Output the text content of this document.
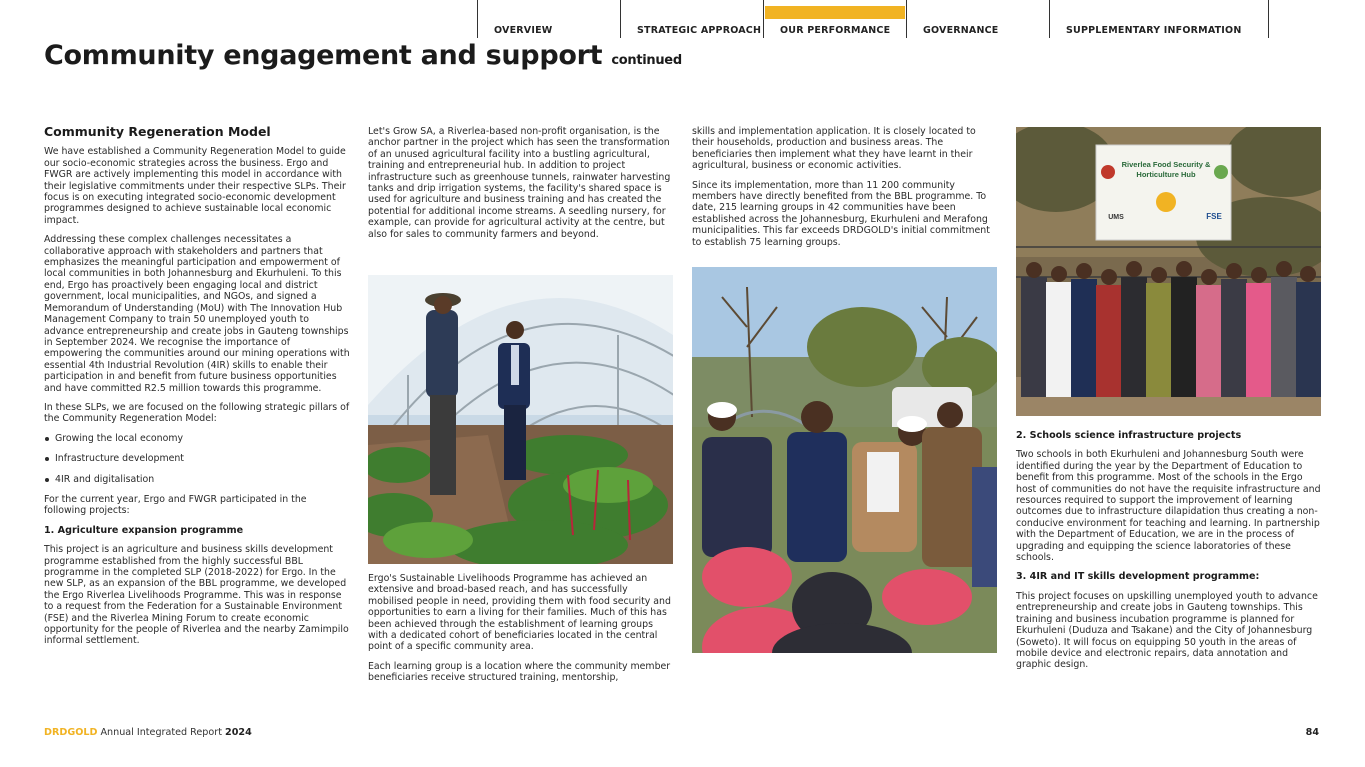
OVERVIEW	STRATEGIC APPROACH OUR PERFORMANCE	GOVERNANCE	SUPPLEMENTARY INFORMATION
Community engagement and support continued
Community Regeneration Model

We have established a Community Regeneration Model to guide our socio-economic strategies across the business. Ergo and FWGR are actively implementing this model in accordance with their legislative commitments under their respective SLPs. Their focus is on executing integrated socio-economic development programmes designed to achieve sustainable local economic impact.

Addressing these complex challenges necessitates a collaborative approach with stakeholders and partners that emphasizes the meaningful participation and empowerment of local communities in both Johannesburg and Ekurhuleni. To this end, Ergo has proactively been engaging local and district government, local municipalities, and NGOs, and signed a Memorandum of Understanding (MoU) with The Innovation Hub Management Company to train 50 unemployed youth to advance entrepreneurship and create jobs in Gauteng townships in September 2024. We recognise the importance of empowering the communities around our mining operations with essential 4th Industrial Revolution (4IR) skills to enable their participation in and benefit from future business opportunities and have committed R2.5 million towards this programme.

In these SLPs, we are focused on the following strategic pillars of the Community Regeneration Model:

Growing the local economy
Infrastructure development
4IR and digitalisation

For the current year, Ergo and FWGR participated in the following projects:

1. Agriculture expansion programme

This project is an agriculture and business skills development programme established from the highly successful BBL programme in the completed SLP (2018-2022) for Ergo. In the new SLP, as an expansion of the BBL programme, we developed the Ergo Riverlea Livelihoods Programme. This was in response to a request from the Federation for a Sustainable Environment (FSE) and the Riverlea Mining Forum to create economic opportunity for the people of Riverlea and the nearby Zamimpilo informal settlement.

Let's Grow SA, a Riverlea-based non-profit organisation, is the anchor partner in the project which has seen the transformation of an unused agricultural facility into a bustling agricultural, training and entrepreneurial hub. In addition to project infrastructure such as greenhouse tunnels, rainwater harvesting tanks and drip irrigation systems, the facility's shared space is used for agriculture and business training and has created the potential for additional income streams. A seedling nursery, for example, can provide for agricultural activity at the centre, but also for sales to community farmers and beyond.

Ergo's Sustainable Livelihoods Programme has achieved an extensive and broad-based reach, and has successfully mobilised people in need, providing them with food security and opportunities to earn a living for their families. Much of this has been achieved through the establishment of learning groups with a dedicated cohort of beneficiaries located in the central point of a specific community area.

Each learning group is a location where the community member beneficiaries receive structured training, mentorship,

skills and implementation application. It is closely located to their households, production and business areas. The beneficiaries then implement what they have learnt in their agricultural, business or economic activities.

Since its implementation, more than 11 200 community members have directly benefited from the BBL programme. To date, 215 learning groups in 42 communities have been established across the Johannesburg, Ekurhuleni and Merafong municipalities. This far exceeds DRDGOLD's initial commitment to establish 75 learning groups.

Riverlea Food Security &
Horticulture Hub
UMS	FSE
2. Schools science infrastructure projects

Two schools in both Ekurhuleni and Johannesburg South were identified during the year by the Department of Education to benefit from this programme. Most of the schools in the Ergo host of communities do not have the requisite infrastructure and resources required to support the improvement of learning outcomes due to infrastructure dilapidation thus creating a non-conducive environment for teaching and learning. In partnership with the Department of Education, we are in the process of upgrading and equipping the science laboratories of these schools.

3. 4IR and IT skills development programme:

This project focuses on upskilling unemployed youth to advance entrepreneurship and create jobs in Gauteng townships. This training and business incubation programme is planned for Ekurhuleni (Duduza and Tsakane) and the City of Johannesburg (Soweto). It will focus on equipping 50 youth in the areas of mobile device and electronic repairs, data annotation and graphic design.

DRDGOLD Annual Integrated Report 2024	84
